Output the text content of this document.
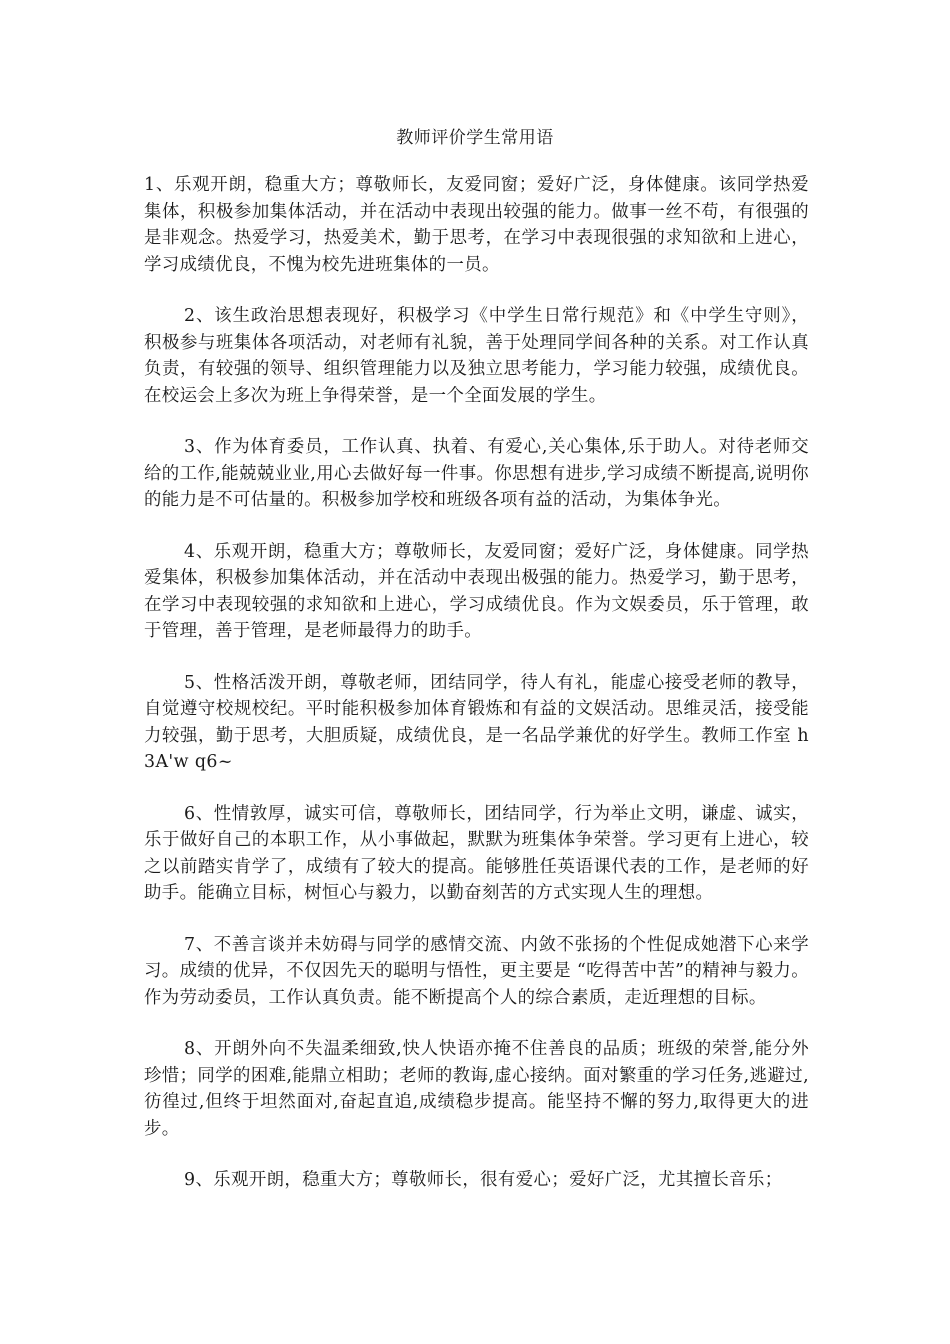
教师评价学生常用语

1、乐观开朗，稳重大方；尊敬师长，友爱同窗；爱好广泛，身体健康。该同学热爱集体，积极参加集体活动，并在活动中表现出较强的能力。做事一丝不苟，有很强的是非观念。热爱学习，热爱美术，勤于思考，在学习中表现很强的求知欲和上进心，学习成绩优良，不愧为校先进班集体的一员。

2、该生政治思想表现好，积极学习《中学生日常行规范》和《中学生守则》，积极参与班集体各项活动，对老师有礼貌，善于处理同学间各种的关系。对工作认真负责，有较强的领导、组织管理能力以及独立思考能力，学习能力较强，成绩优良。在校运会上多次为班上争得荣誉，是一个全面发展的学生。

3、作为体育委员，工作认真、执着、有爱心,关心集体,乐于助人。对待老师交给的工作,能兢兢业业,用心去做好每一件事。你思想有进步,学习成绩不断提高,说明你的能力是不可估量的。积极参加学校和班级各项有益的活动，为集体争光。

4、乐观开朗，稳重大方；尊敬师长，友爱同窗；爱好广泛，身体健康。同学热爱集体，积极参加集体活动，并在活动中表现出极强的能力。热爱学习，勤于思考，在学习中表现较强的求知欲和上进心，学习成绩优良。作为文娱委员，乐于管理，敢于管理，善于管理，是老师最得力的助手。

5、性格活泼开朗，尊敬老师，团结同学，待人有礼，能虚心接受老师的教导，自觉遵守校规校纪。平时能积极参加体育锻炼和有益的文娱活动。思维灵活，接受能力较强，勤于思考，大胆质疑，成绩优良，是一名品学兼优的好学生。教师工作室 h3A'w q6~

6、性情敦厚，诚实可信，尊敬师长，团结同学，行为举止文明，谦虚、诚实，乐于做好自己的本职工作，从小事做起，默默为班集体争荣誉。学习更有上进心，较之以前踏实肯学了，成绩有了较大的提高。能够胜任英语课代表的工作，是老师的好助手。能确立目标，树恒心与毅力，以勤奋刻苦的方式实现人生的理想。

7、不善言谈并未妨碍与同学的感情交流、内敛不张扬的个性促成她潜下心来学习。成绩的优异，不仅因先天的聪明与悟性，更主要是 “吃得苦中苦”的精神与毅力。作为劳动委员，工作认真负责。能不断提高个人的综合素质，走近理想的目标。

8、开朗外向不失温柔细致,快人快语亦掩不住善良的品质；班级的荣誉,能分外珍惜；同学的困难,能鼎立相助；老师的教诲,虚心接纳。面对繁重的学习任务,逃避过,彷徨过,但终于坦然面对,奋起直追,成绩稳步提高。能坚持不懈的努力,取得更大的进步。

9、乐观开朗，稳重大方；尊敬师长，很有爱心；爱好广泛，尤其擅长音乐；
